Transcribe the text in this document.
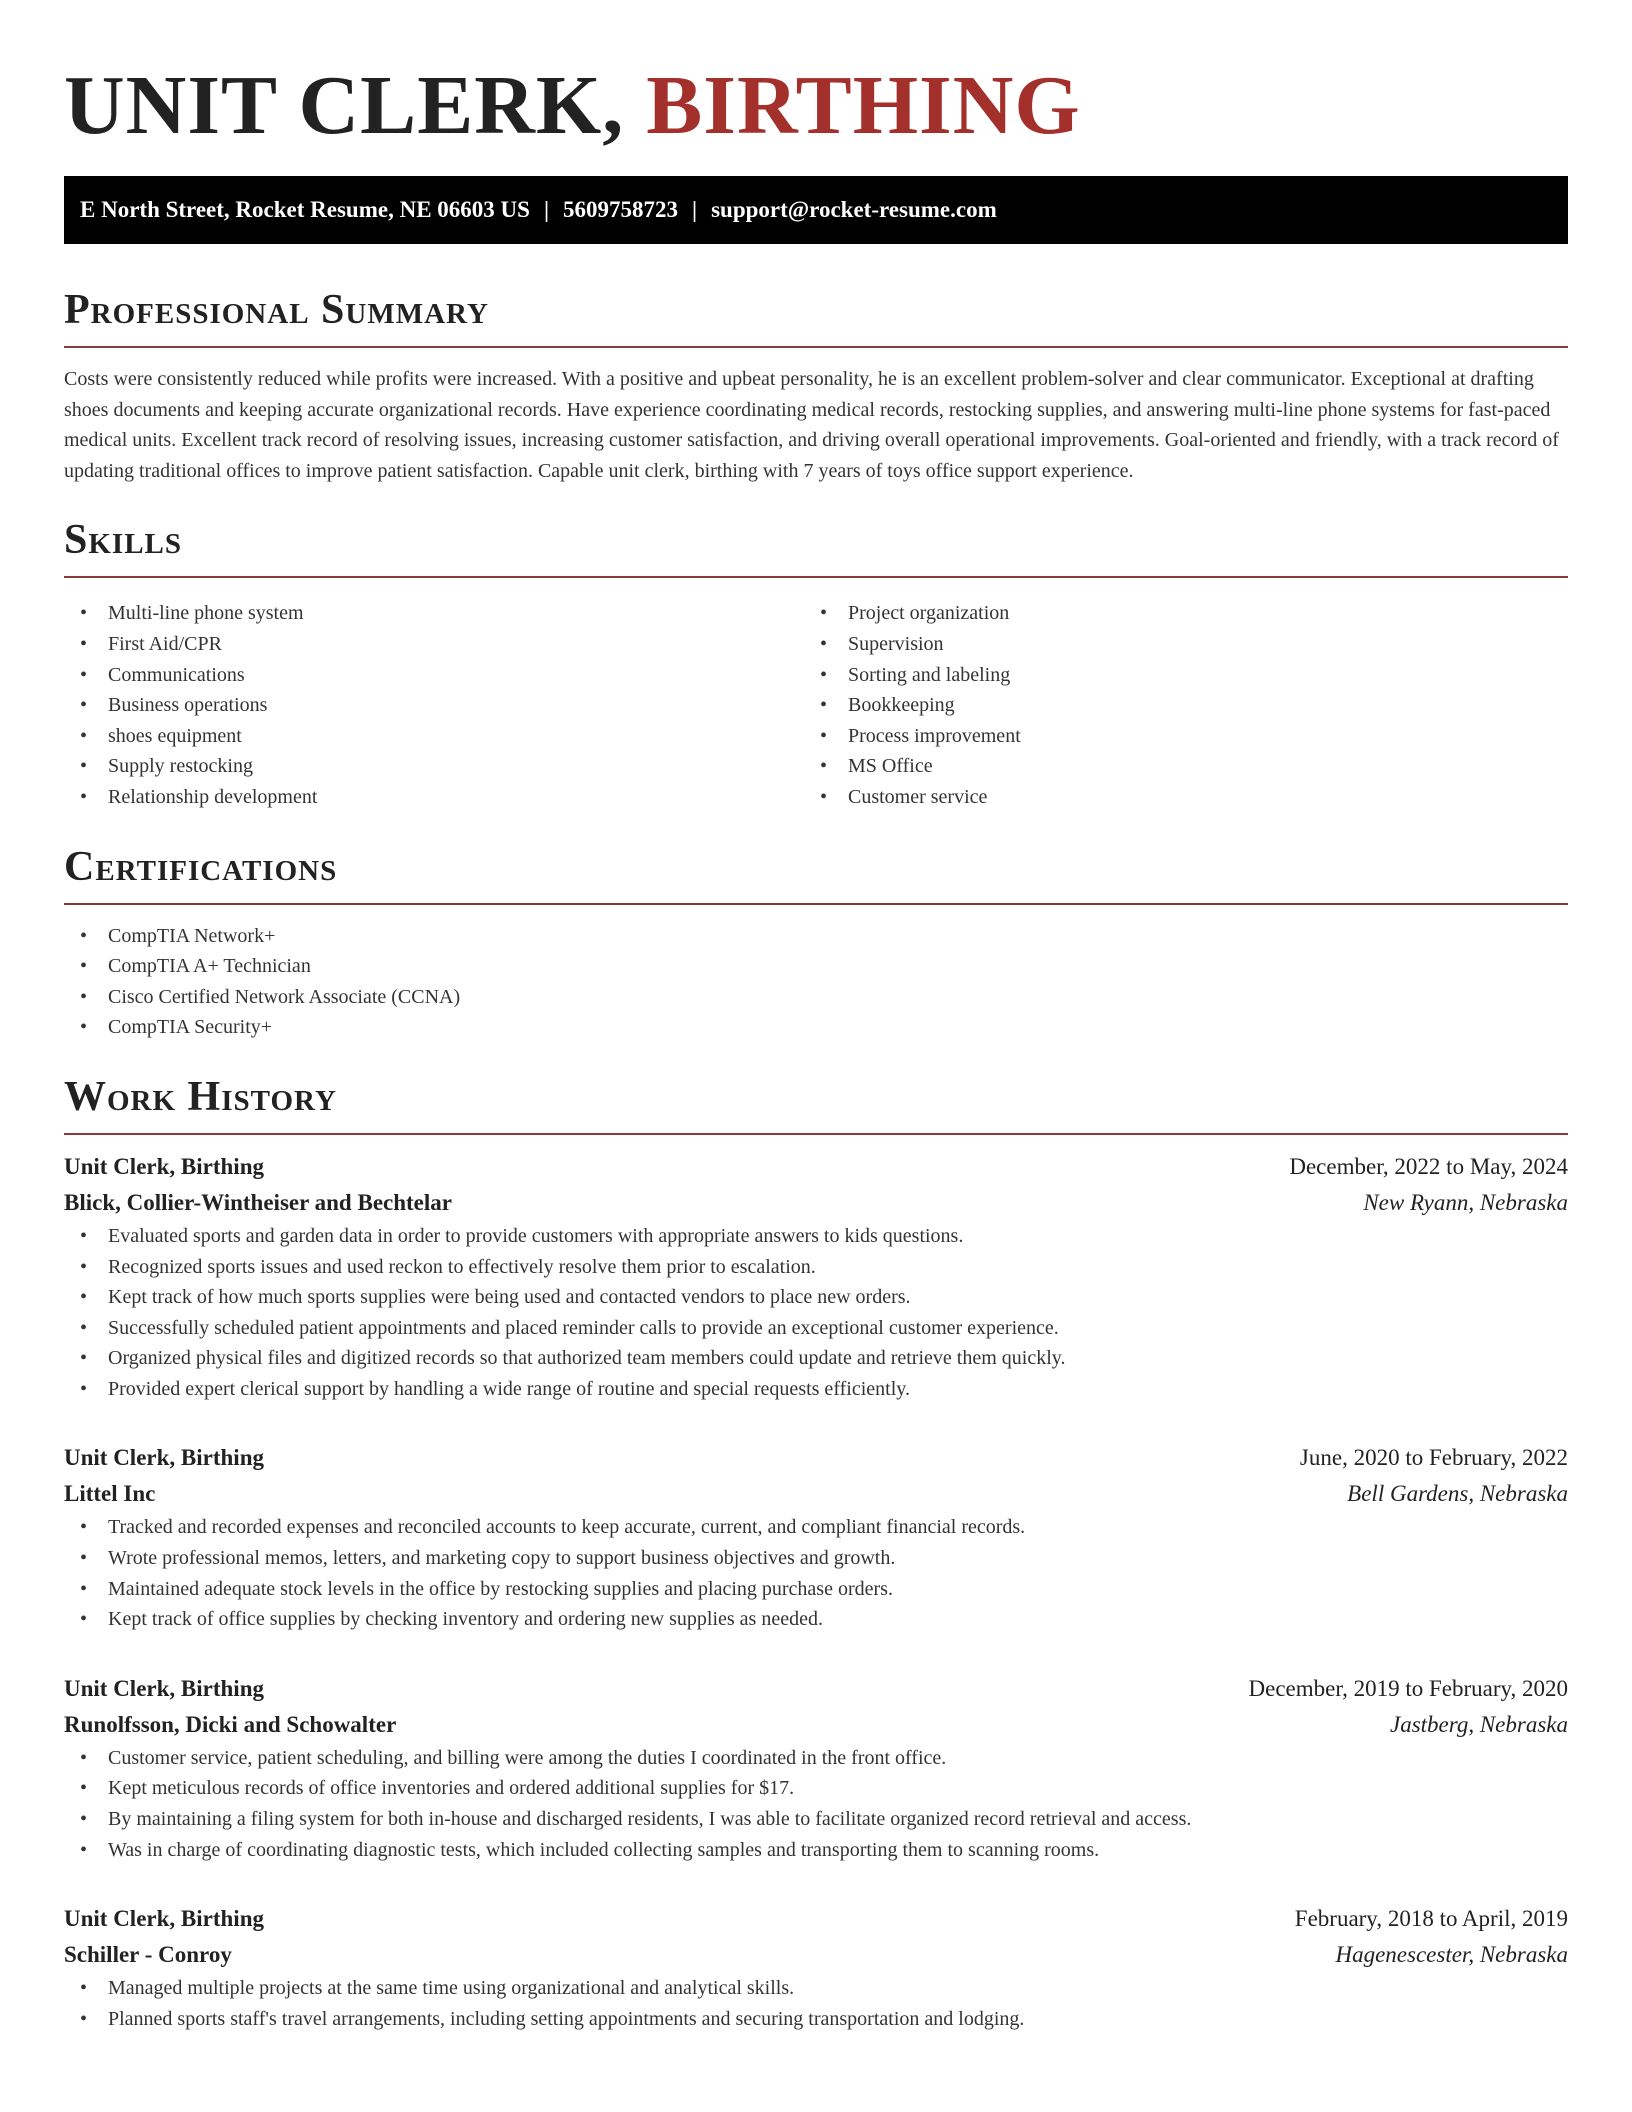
UNIT CLERK, BIRTHING
E North Street, Rocket Resume, NE 06603 US | 5609758723 | support@rocket-resume.com
Professional Summary

Costs were consistently reduced while profits were increased. With a positive and upbeat personality, he is an excellent problem-solver and clear communicator. Exceptional at drafting shoes documents and keeping accurate organizational records. Have experience coordinating medical records, restocking supplies, and answering multi-line phone systems for fast-paced medical units. Excellent track record of resolving issues, increasing customer satisfaction, and driving overall operational improvements. Goal-oriented and friendly, with a track record of updating traditional offices to improve patient satisfaction. Capable unit clerk, birthing with 7 years of toys office support experience.

Skills
• Multi-line phone system
• First Aid/CPR
• Communications
• Business operations
• shoes equipment
• Supply restocking
• Relationship development
• Project organization
• Supervision
• Sorting and labeling
• Bookkeeping
• Process improvement
• MS Office
• Customer service
Certifications
• CompTIA Network+
• CompTIA A+ Technician
• Cisco Certified Network Associate (CCNA)
• CompTIA Security+
Work History
Unit Clerk, Birthing	December, 2022 to May, 2024
Blick, Collier-Wintheiser and Bechtelar	New Ryann, Nebraska
• Evaluated sports and garden data in order to provide customers with appropriate answers to kids questions.
• Recognized sports issues and used reckon to effectively resolve them prior to escalation.
• Kept track of how much sports supplies were being used and contacted vendors to place new orders.
• Successfully scheduled patient appointments and placed reminder calls to provide an exceptional customer experience.
• Organized physical files and digitized records so that authorized team members could update and retrieve them quickly.
• Provided expert clerical support by handling a wide range of routine and special requests efficiently.
Unit Clerk, Birthing	June, 2020 to February, 2022
Littel Inc	Bell Gardens, Nebraska
• Tracked and recorded expenses and reconciled accounts to keep accurate, current, and compliant financial records.
• Wrote professional memos, letters, and marketing copy to support business objectives and growth.
• Maintained adequate stock levels in the office by restocking supplies and placing purchase orders.
• Kept track of office supplies by checking inventory and ordering new supplies as needed.
Unit Clerk, Birthing	December, 2019 to February, 2020
Runolfsson, Dicki and Schowalter	Jastberg, Nebraska
• Customer service, patient scheduling, and billing were among the duties I coordinated in the front office.
• Kept meticulous records of office inventories and ordered additional supplies for $17.
• By maintaining a filing system for both in-house and discharged residents, I was able to facilitate organized record retrieval and access.
• Was in charge of coordinating diagnostic tests, which included collecting samples and transporting them to scanning rooms.
Unit Clerk, Birthing	February, 2018 to April, 2019
Schiller - Conroy	Hagenescester, Nebraska
• Managed multiple projects at the same time using organizational and analytical skills.
• Planned sports staff's travel arrangements, including setting appointments and securing transportation and lodging.
